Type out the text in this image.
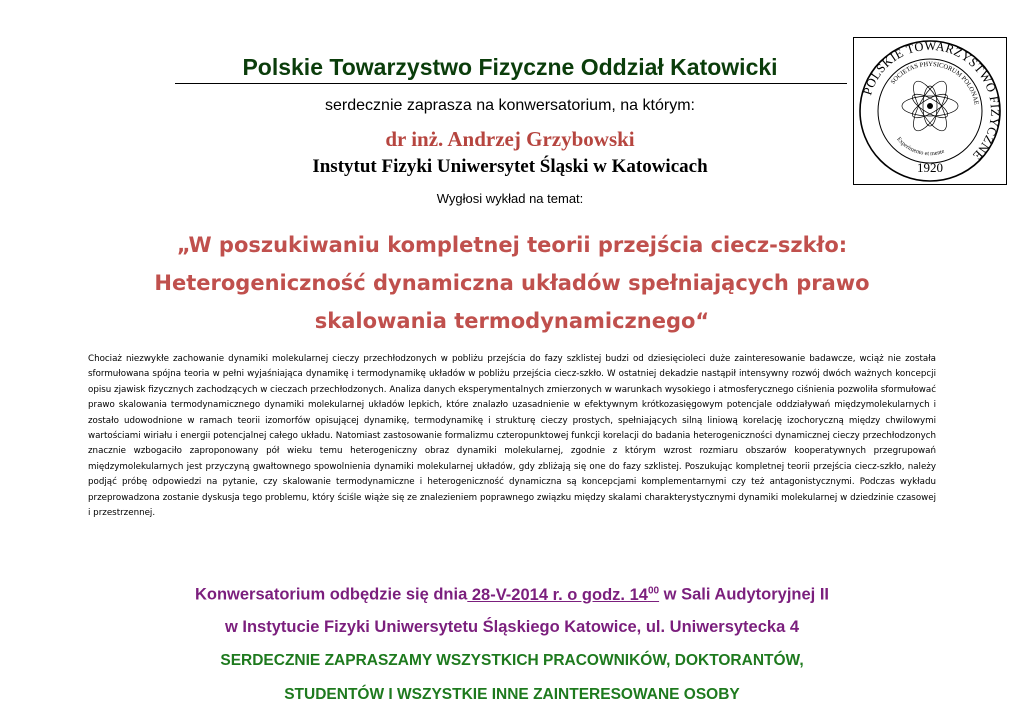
Polskie Towarzystwo Fizyczne Oddział Katowicki
serdecznie zaprasza na konwersatorium, na którym:
dr inż. Andrzej Grzybowski
Instytut Fizyki Uniwersytet Śląski w Katowicach
Wygłosi wykład na temat:
„W poszukiwaniu kompletnej teorii przejścia ciecz-szkło:
Heterogeniczność dynamiczna układów spełniających prawo
skalowania termodynamicznego“
Chociaż niezwykłe zachowanie dynamiki molekularnej cieczy przechłodzonych w pobliżu przejścia do fazy szklistej budzi od dziesięcioleci duże zainteresowanie badawcze, wciąż nie została sformułowana spójna teoria w pełni wyjaśniająca dynamikę i termodynamikę układów w pobliżu przejścia ciecz-szkło. W ostatniej dekadzie nastąpił intensywny rozwój dwóch ważnych koncepcji opisu zjawisk fizycznych zachodzących w cieczach przechłodzonych. Analiza danych eksperymentalnych zmierzonych w warunkach wysokiego i atmosferycznego ciśnienia pozwoliła sformułować prawo skalowania termodynamicznego dynamiki molekularnej układów lepkich, które znalazło uzasadnienie w efektywnym krótkozasięgowym potencjale oddziaływań międzymolekularnych i zostało udowodnione w ramach teorii izomorfów opisującej dynamikę, termodynamikę i strukturę cieczy prostych, spełniających silną liniową korelację izochoryczną między chwilowymi wartościami wiriału i energii potencjalnej całego układu. Natomiast zastosowanie formalizmu czteropunktowej funkcji korelacji do badania heterogeniczności dynamicznej cieczy przechłodzonych znacznie wzbogaciło zaproponowany pół wieku temu heterogeniczny obraz dynamiki molekularnej, zgodnie z którym wzrost rozmiaru obszarów kooperatywnych przegrupowań międzymolekularnych jest przyczyną gwałtownego spowolnienia dynamiki molekularnej układów, gdy zbliżają się one do fazy szklistej. Poszukując kompletnej teorii przejścia ciecz-szkło, należy podjąć próbę odpowiedzi na pytanie, czy skalowanie termodynamiczne i heterogeniczność dynamiczna są koncepcjami komplementarnymi czy też antagonistycznymi. Podczas wykładu przeprowadzona zostanie dyskusja tego problemu, który ściśle wiąże się ze znalezieniem poprawnego związku między skalami charakterystycznymi dynamiki molekularnej w dziedzinie czasowej i przestrzennej.
Konwersatorium odbędzie się dnia 28-V-2014 r. o godz. $14^{00}$ w Sali Audytoryjnej II
w Instytucie Fizyki Uniwersytetu Śląskiego Katowice, ul. Uniwersytecka 4
SERDECZNIE ZAPRASZAMY WSZYSTKICH PRACOWNIKÓW, DOKTORANTÓW,
STUDENTÓW I WSZYSTKIE INNE ZAINTERESOWANE OSOBY
POLSKIE TOWARZYSTWO FIZYCZNE
SOCIETAS PHYSICORUM POLONAE
Experimento et mente
1920
